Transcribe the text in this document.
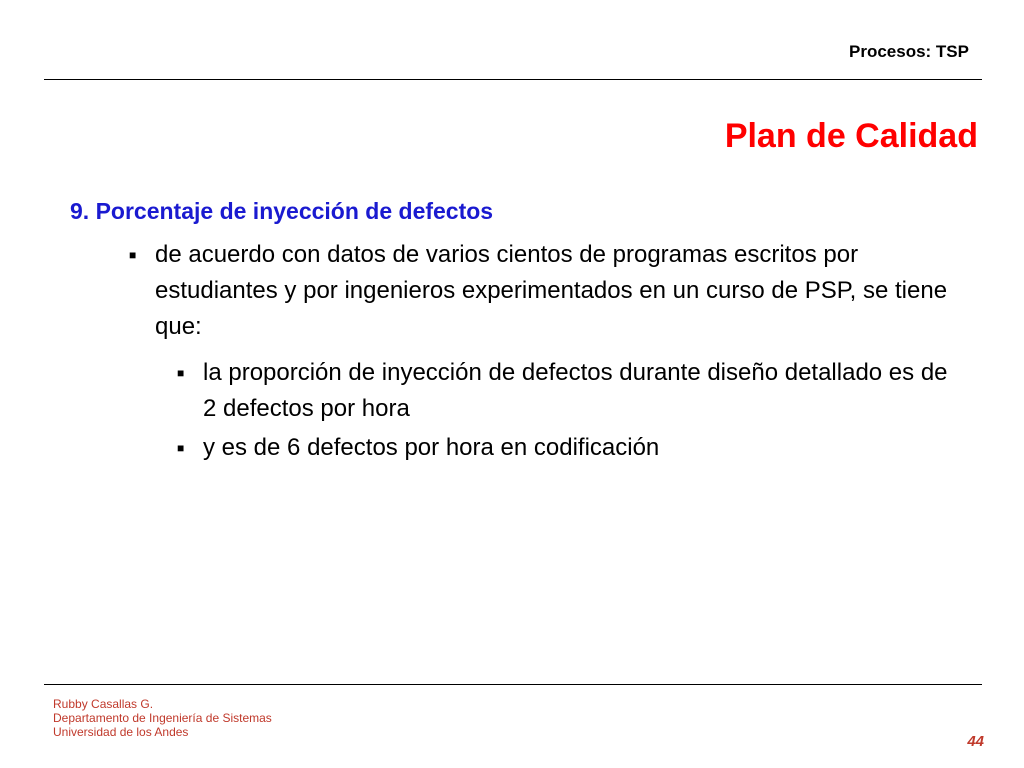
Procesos: TSP
Plan de Calidad
9. Porcentaje de inyección de defectos
■ de acuerdo con datos de varios cientos de programas escritos por estudiantes y por ingenieros experimentados en un curso de PSP, se tiene que:
■ la proporción de inyección de defectos durante diseño detallado es de 2 defectos por hora
■ y es de 6 defectos por hora en codificación
Rubby Casallas G.
Departamento de Ingeniería de Sistemas
Universidad de los Andes
44
